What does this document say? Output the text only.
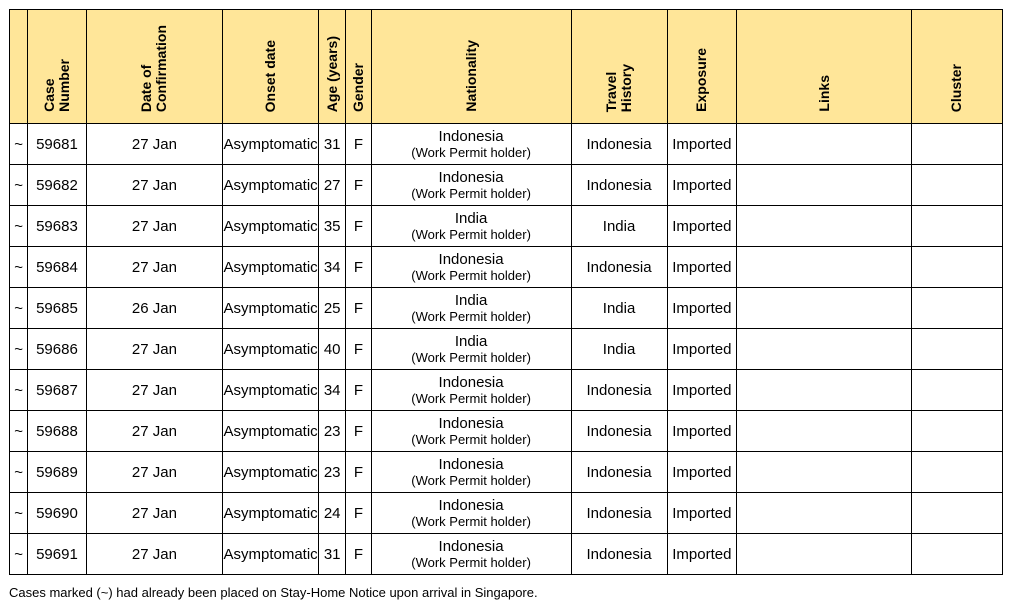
	Case
Number	Date of
Confirmation	Onset date	Age (years)	Gender	Nationality	Travel
History	Exposure	Links	Cluster
~	59681	27 Jan	Asymptomatic	31	F	Indonesia
(Work Permit holder)	Indonesia	Imported		
~	59682	27 Jan	Asymptomatic	27	F	Indonesia
(Work Permit holder)	Indonesia	Imported		
~	59683	27 Jan	Asymptomatic	35	F	India
(Work Permit holder)	India	Imported		
~	59684	27 Jan	Asymptomatic	34	F	Indonesia
(Work Permit holder)	Indonesia	Imported		
~	59685	26 Jan	Asymptomatic	25	F	India
(Work Permit holder)	India	Imported		
~	59686	27 Jan	Asymptomatic	40	F	India
(Work Permit holder)	India	Imported		
~	59687	27 Jan	Asymptomatic	34	F	Indonesia
(Work Permit holder)	Indonesia	Imported		
~	59688	27 Jan	Asymptomatic	23	F	Indonesia
(Work Permit holder)	Indonesia	Imported		
~	59689	27 Jan	Asymptomatic	23	F	Indonesia
(Work Permit holder)	Indonesia	Imported		
~	59690	27 Jan	Asymptomatic	24	F	Indonesia
(Work Permit holder)	Indonesia	Imported		
~	59691	27 Jan	Asymptomatic	31	F	Indonesia
(Work Permit holder)	Indonesia	Imported		
Cases marked (~) had already been placed on Stay-Home Notice upon arrival in Singapore.
